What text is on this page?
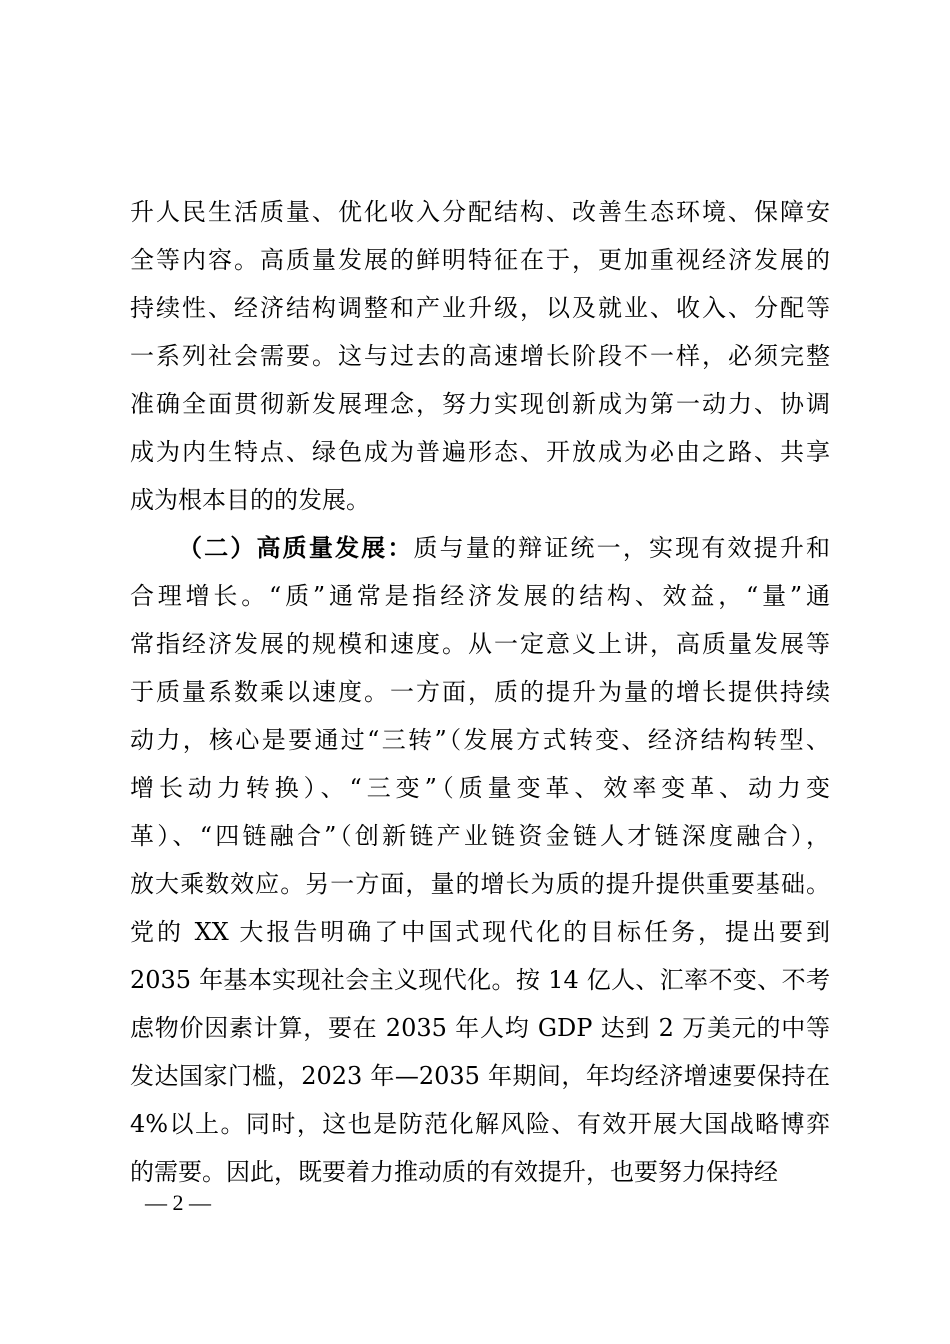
升人民生活质量、优化收入分配结构、改善生态环境、保障安
全等内容。高质量发展的鲜明特征在于，更加重视经济发展的
持续性、经济结构调整和产业升级，以及就业、收入、分配等
一系列社会需要。这与过去的高速增长阶段不一样，必须完整
准确全面贯彻新发展理念，努力实现创新成为第一动力、协调
成为内生特点、绿色成为普遍形态、开放成为必由之路、共享
成为根本目的的发展。
（二）高质量发展：质与量的辩证统一，实现有效提升和
合理增长。“质”通常是指经济发展的结构、效益，“量”通
常指经济发展的规模和速度。从一定意义上讲，高质量发展等
于质量系数乘以速度。一方面，质的提升为量的增长提供持续
动力，核心是要通过“三转”（发展方式转变、经济结构转型、
增长动力转换）、“三变”（质量变革、效率变革、动力变
革）、“四链融合”（创新链产业链资金链人才链深度融合），
放大乘数效应。另一方面，量的增长为质的提升提供重要基础。
党的 XX 大报告明确了中国式现代化的目标任务，提出要到
2035 年基本实现社会主义现代化。按 14 亿人、汇率不变、不考
虑物价因素计算，要在 2035 年人均 GDP 达到 2 万美元的中等
发达国家门槛，2023 年—2035 年期间，年均经济增速要保持在
4%以上。同时，这也是防范化解风险、有效开展大国战略博弈
的需要。因此，既要着力推动质的有效提升，也要努力保持经
— 2 —
